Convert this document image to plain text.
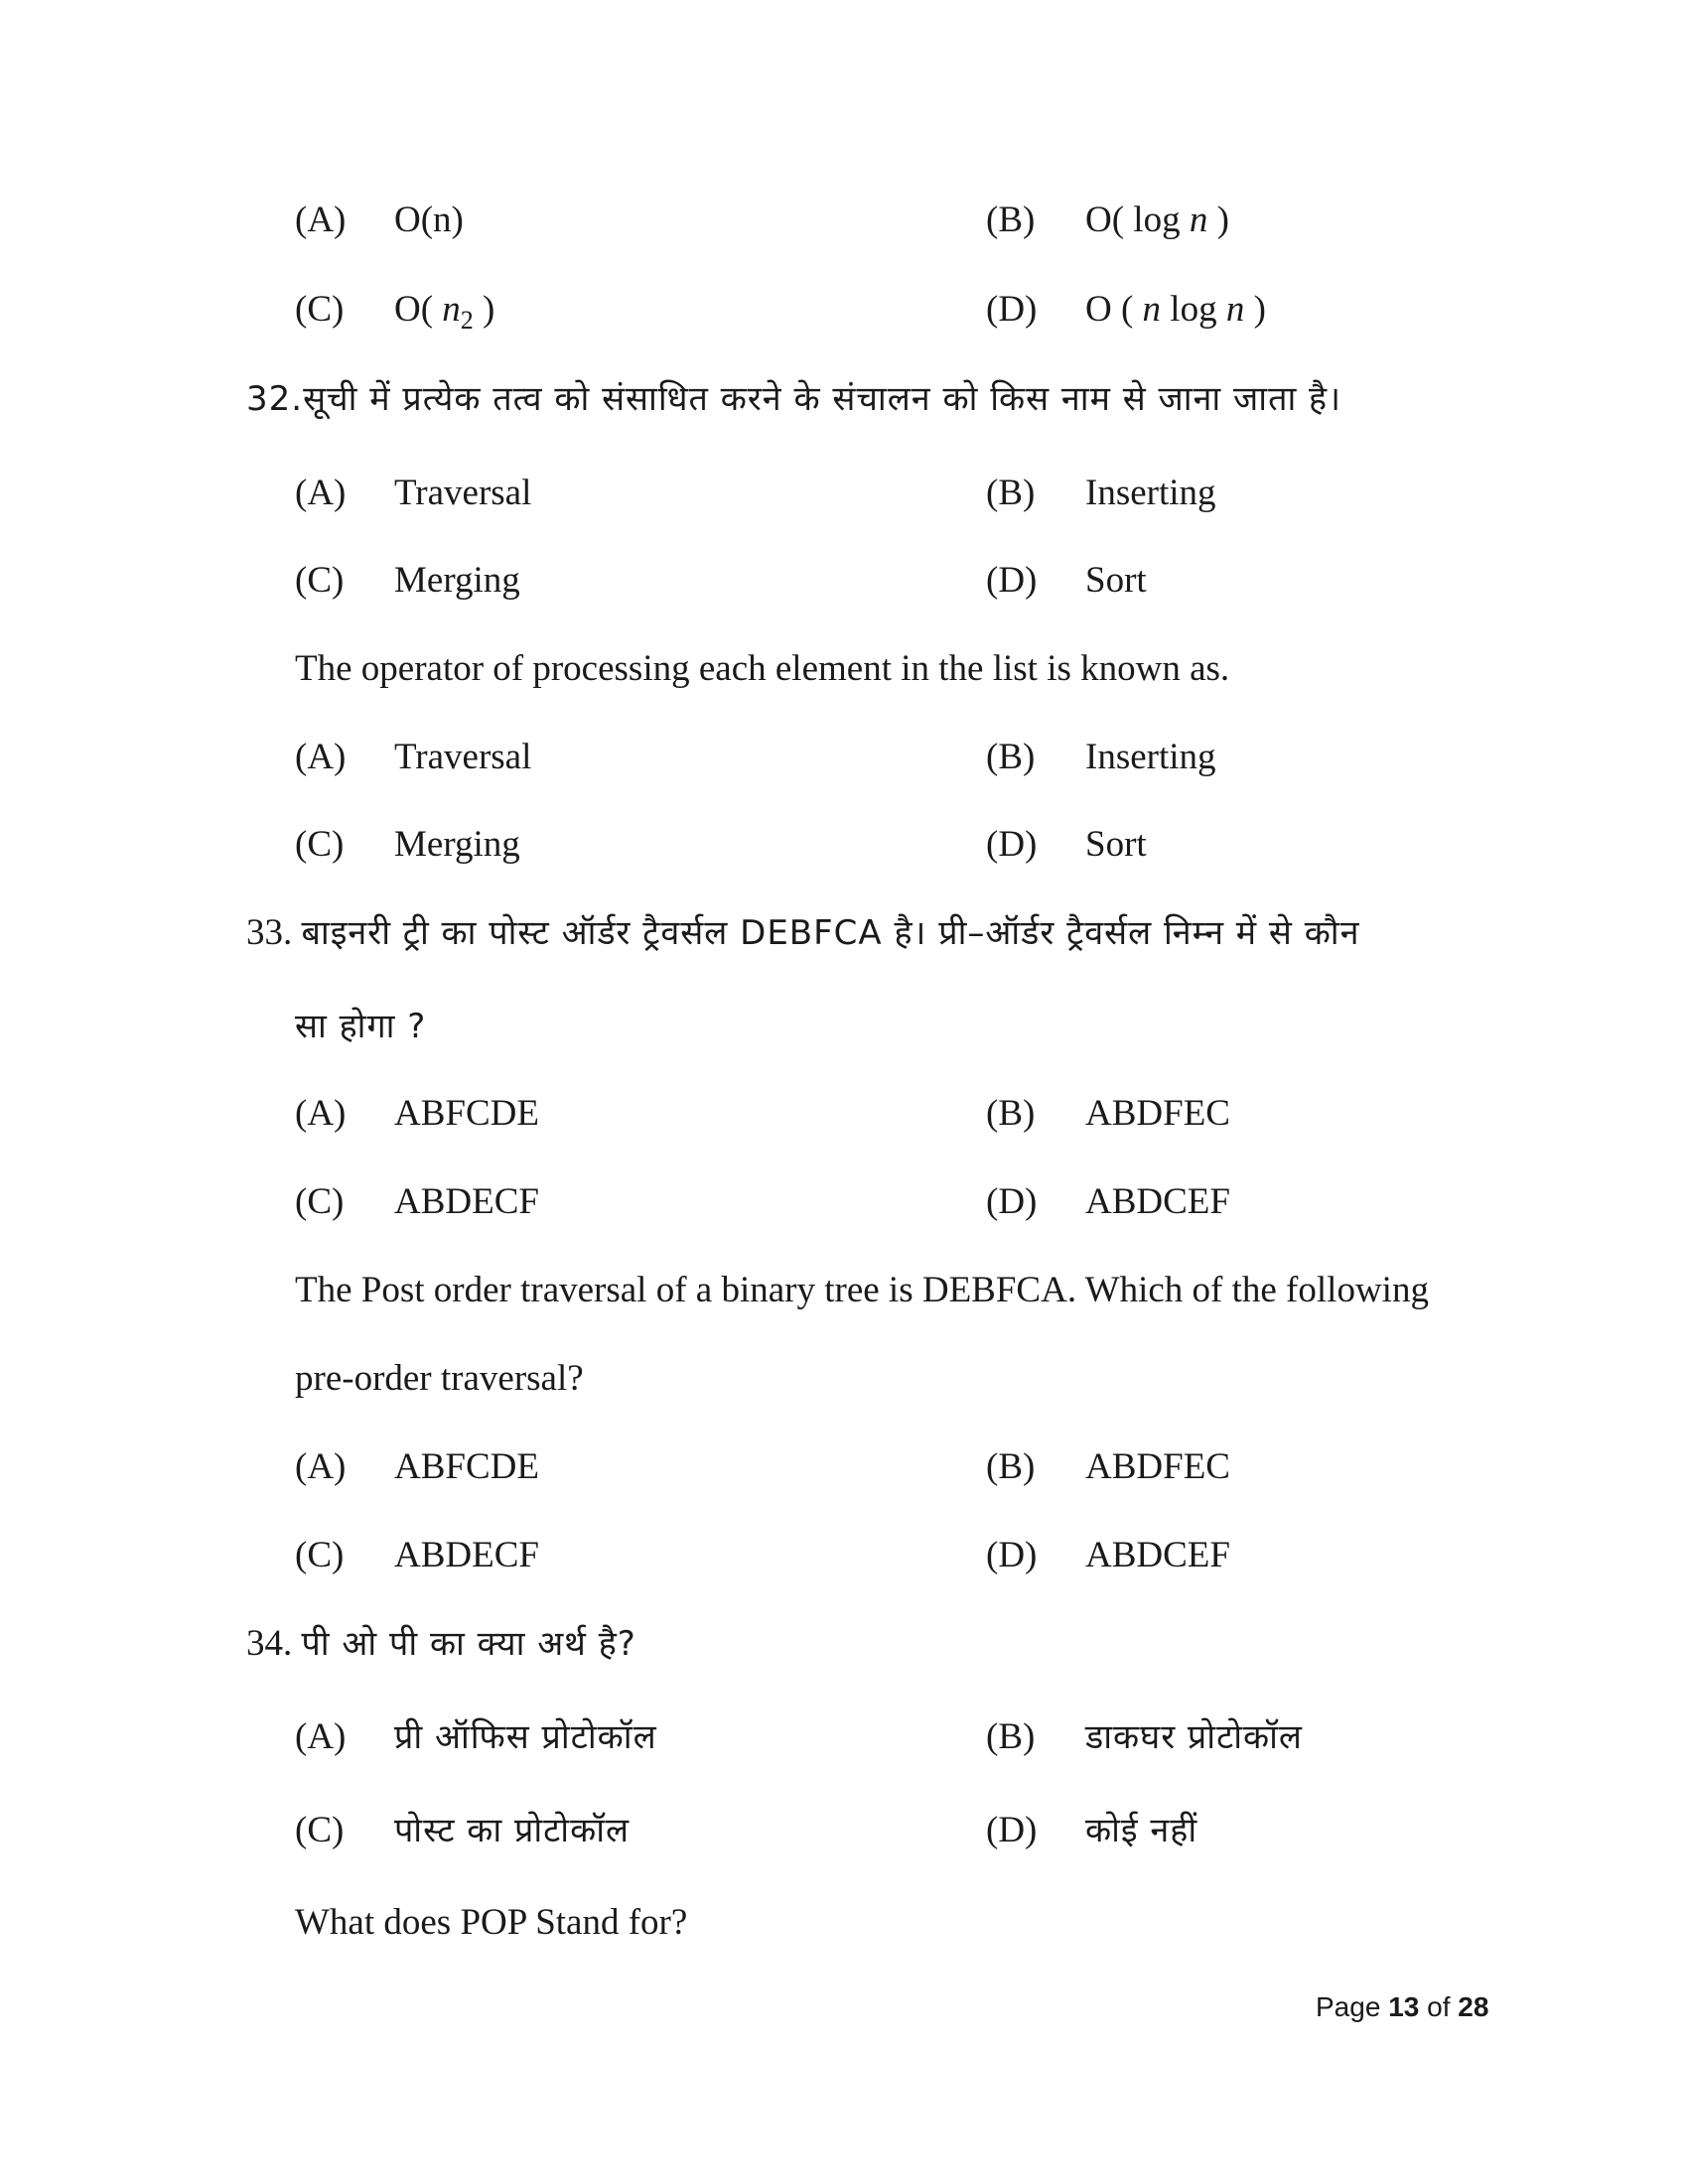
(A) O(n)	(B) O( log n )
(C) O( $n_2$ )	(D) O ( n log n )
32.सूची में प्रत्येक तत्व को संसाधित करने के संचालन को किस नाम से जाना जाता है।
(A) Traversal	(B) Inserting
(C) Merging	(D) Sort
The operator of processing each element in the list is known as.
(A) Traversal	(B) Inserting
(C) Merging	(D) Sort
33. बाइनरी ट्री का पोस्ट ऑर्डर ट्रैवर्सल DEBFCA है। प्री–ऑर्डर ट्रैवर्सल निम्न में से कौन
सा होगा ?
(A) ABFCDE	(B) ABDFEC
(C) ABDECF	(D) ABDCEF
The Post order traversal of a binary tree is DEBFCA. Which of the following
pre-order traversal?
(A) ABFCDE	(B) ABDFEC
(C) ABDECF	(D) ABDCEF
34. पी ओ पी का क्या अर्थ है?
(A) प्री ऑफिस प्रोटोकॉल	(B) डाकघर प्रोटोकॉल
(C) पोस्ट का प्रोटोकॉल	(D) कोई नहीं
What does POP Stand for?
Page 13 of 28
